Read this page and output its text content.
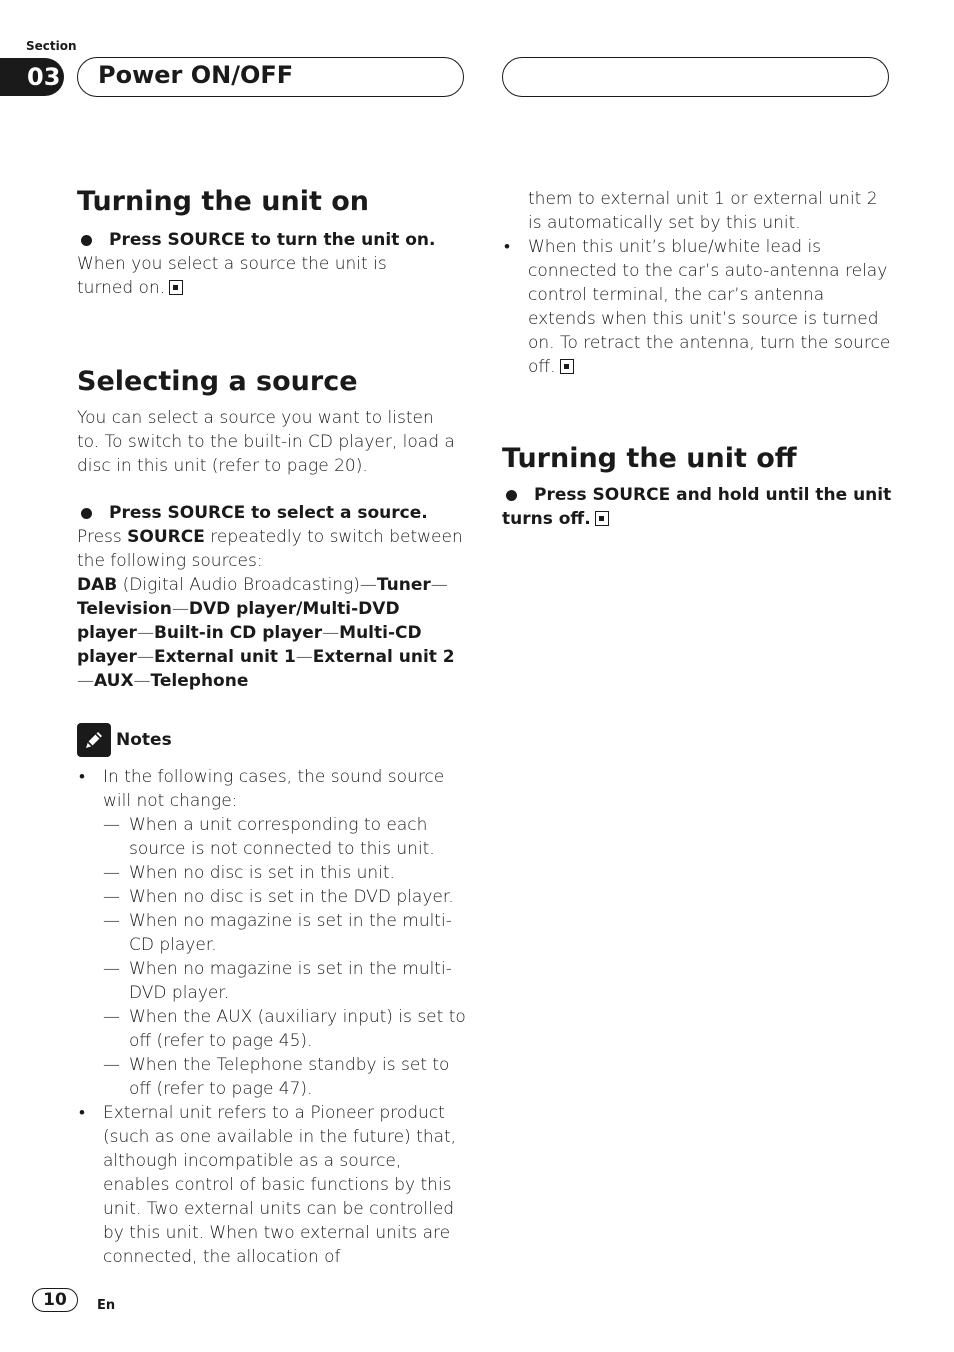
Section
03 Power ON/OFF
Turning the unit on
Press SOURCE to turn the unit on.
When you select a source the unit is turned on.
Selecting a source
You can select a source you want to listen to. To switch to the built-in CD player, load a disc in this unit (refer to page 20).
Press SOURCE to select a source.
Press SOURCE repeatedly to switch between the following sources:
DAB (Digital Audio Broadcasting)—Tuner—Television—DVD player/Multi-DVD player—Built-in CD player—Multi-CD player—External unit 1—External unit 2—AUX—Telephone
Notes
• In the following cases, the sound source will not change:
— When a unit corresponding to each source is not connected to this unit.
— When no disc is set in this unit.
— When no disc is set in the DVD player.
— When no magazine is set in the multi-CD player.
— When no magazine is set in the multi-DVD player.
— When the AUX (auxiliary input) is set to off (refer to page 45).
— When the Telephone standby is set to off (refer to page 47).
• External unit refers to a Pioneer product (such as one available in the future) that, although incompatible as a source, enables control of basic functions by this unit. Two external units can be controlled by this unit. When two external units are connected, the allocation of
them to external unit 1 or external unit 2 is automatically set by this unit.
• When this unit’s blue/white lead is connected to the car’s auto-antenna relay control terminal, the car’s antenna extends when this unit’s source is turned on. To retract the antenna, turn the source off.
Turning the unit off
Press SOURCE and hold until the unit turns off.
10	En
